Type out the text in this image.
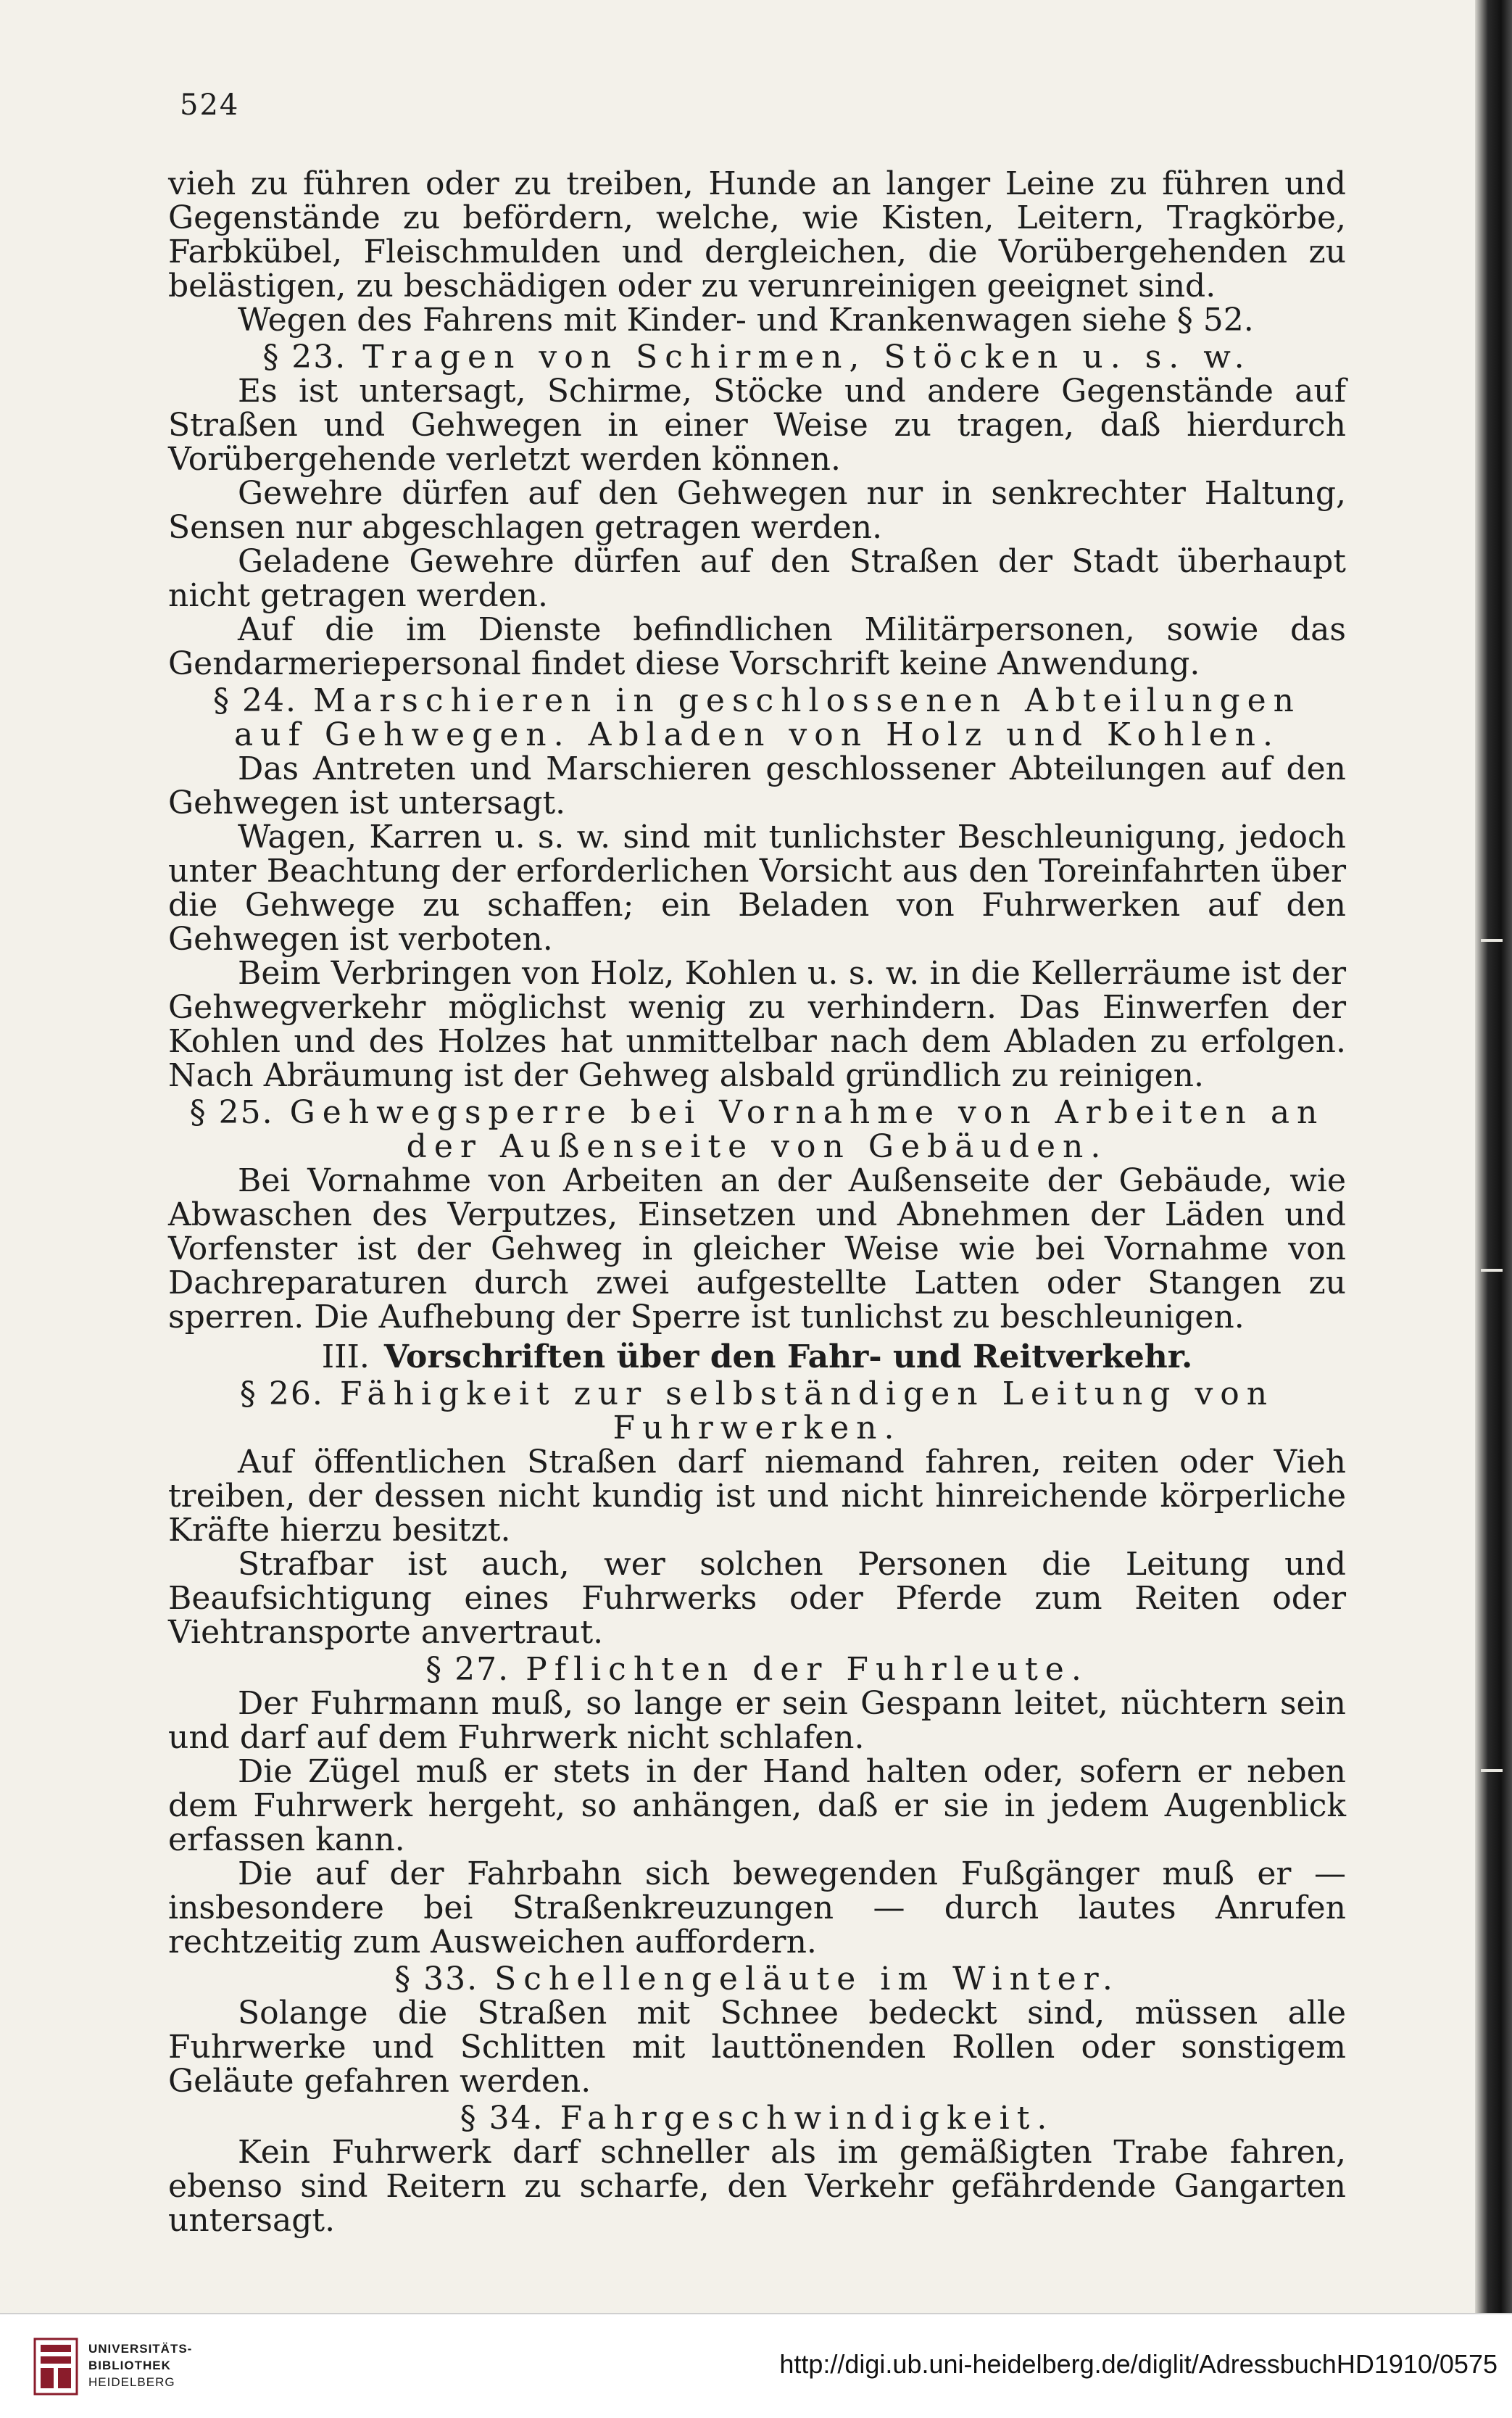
524

vieh zu führen oder zu treiben, Hunde an langer Leine zu führen und Gegenstände zu befördern, welche, wie Kisten, Leitern, Tragkörbe, Farbkübel, Fleischmulden und dergleichen, die Vorübergehenden zu belästigen, zu beschädigen oder zu verunreinigen geeignet sind.

Wegen des Fahrens mit Kinder- und Krankenwagen siehe § 52.

§ 23. Tragen von Schirmen, Stöcken u. s. w.

Es ist untersagt, Schirme, Stöcke und andere Gegenstände auf Straßen und Gehwegen in einer Weise zu tragen, daß hierdurch Vorübergehende verletzt werden können.

Gewehre dürfen auf den Gehwegen nur in senkrechter Haltung, Sensen nur abgeschlagen getragen werden.

Geladene Gewehre dürfen auf den Straßen der Stadt überhaupt nicht getragen werden.

Auf die im Dienste befindlichen Militärpersonen, sowie das Gendarmeriepersonal findet diese Vorschrift keine Anwendung.

§ 24. Marschieren in geschlossenen Abteilungen auf Gehwegen. Abladen von Holz und Kohlen.

Das Antreten und Marschieren geschlossener Abteilungen auf den Gehwegen ist untersagt.

Wagen, Karren u. s. w. sind mit tunlichster Beschleunigung, jedoch unter Beachtung der erforderlichen Vorsicht aus den Toreinfahrten über die Gehwege zu schaffen; ein Beladen von Fuhrwerken auf den Gehwegen ist verboten.

Beim Verbringen von Holz, Kohlen u. s. w. in die Kellerräume ist der Gehwegverkehr möglichst wenig zu verhindern. Das Einwerfen der Kohlen und des Holzes hat unmittelbar nach dem Abladen zu erfolgen. Nach Abräumung ist der Gehweg alsbald gründlich zu reinigen.

§ 25. Gehwegsperre bei Vornahme von Arbeiten an der Außenseite von Gebäuden.

Bei Vornahme von Arbeiten an der Außenseite der Gebäude, wie Abwaschen des Verputzes, Einsetzen und Abnehmen der Läden und Vorfenster ist der Gehweg in gleicher Weise wie bei Vornahme von Dachreparaturen durch zwei aufgestellte Latten oder Stangen zu sperren. Die Aufhebung der Sperre ist tunlichst zu beschleunigen.

III. Vorschriften über den Fahr- und Reitverkehr.

§ 26. Fähigkeit zur selbständigen Leitung von Fuhrwerken.

Auf öffentlichen Straßen darf niemand fahren, reiten oder Vieh treiben, der dessen nicht kundig ist und nicht hinreichende körperliche Kräfte hierzu besitzt.

Strafbar ist auch, wer solchen Personen die Leitung und Beaufsichtigung eines Fuhrwerks oder Pferde zum Reiten oder Viehtransporte anvertraut.

§ 27. Pflichten der Fuhrleute.

Der Fuhrmann muß, so lange er sein Gespann leitet, nüchtern sein und darf auf dem Fuhrwerk nicht schlafen.

Die Zügel muß er stets in der Hand halten oder, sofern er neben dem Fuhrwerk hergeht, so anhängen, daß er sie in jedem Augenblick erfassen kann.

Die auf der Fahrbahn sich bewegenden Fußgänger muß er — insbesondere bei Straßenkreuzungen — durch lautes Anrufen rechtzeitig zum Ausweichen auffordern.

§ 33. Schellengeläute im Winter.

Solange die Straßen mit Schnee bedeckt sind, müssen alle Fuhrwerke und Schlitten mit lauttönenden Rollen oder sonstigem Geläute gefahren werden.

§ 34. Fahrgeschwindigkeit.

Kein Fuhrwerk darf schneller als im gemäßigten Trabe fahren, ebenso sind Reitern zu scharfe, den Verkehr gefährdende Gangarten untersagt.

UNIVERSITÄTS-
BIBLIOTHEK
HEIDELBERG
http://digi.ub.uni-heidelberg.de/diglit/AdressbuchHD1910/0575
